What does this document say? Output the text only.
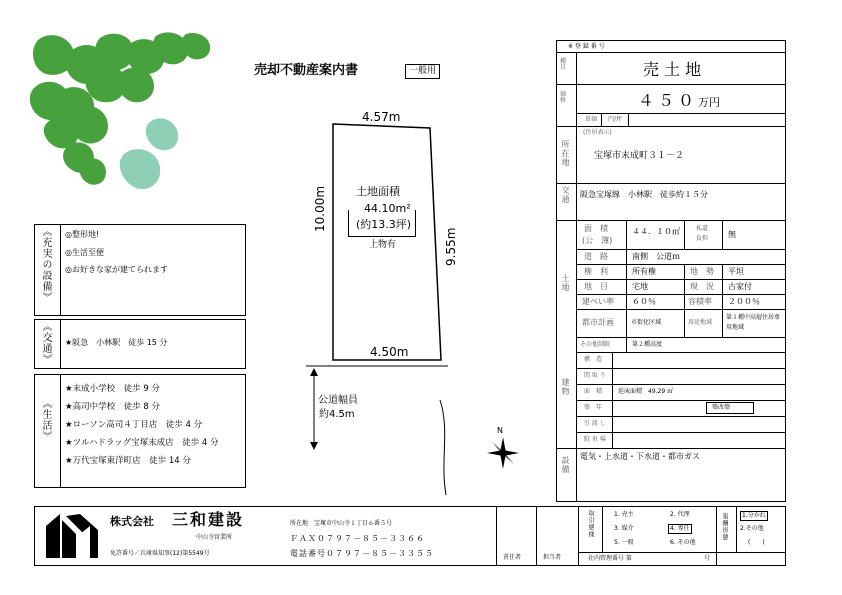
売却不動産案内書	一般用
4.57m
4.50m
10.00m
9.55m
土地面積
44.10m²
(約13.3坪)
上物有
公道幅員
約4.5m
N
《充実の設備》 ◎整形地!
◎生活至便
◎お好きな家が建てられます
《交通》 ★阪急　小林駅　徒歩 15 分
《生活》
★末成小学校　徒歩 9 分
★高司中学校　徒歩 8 分
★ローソン高司４丁目店　徒歩 4 分
★ツルハドラッグ宝塚末成店　徒歩 4 分
★万代宝塚東洋町店　徒歩 14 分
※ 登 録 番 号
種目	売 土 地
価格	４５０ 万円
単価 円/坪
所在地
(住居表示)
宝塚市末成町３１－２
交通 阪急宝塚線　小林駅　徒歩約１５分
土地
面　積
(公　簿)
４４．１０㎡	私道負担	無
道　路	南側　公道ｍ
権　利	所有権	地　勢 平坦
地　目	宅地	現　況 古家付
建ぺい率 ６０％	容積率 ２００％
都市計画	市街化区域	用途地域
第１種中高層住居専用地域
その他制限	第２種高度
建物
構　造
間 取 り
面　積	延床面積　49.29 ㎡
築　年	築改築
引 渡 し
駐 車 場
設備 電気・上水道・下水道・都市ガス
株式会社 三和建設
中山寺営業所
免許番号／兵庫県知事(12)第5549号
所在地　宝塚市中山寺１丁目６番５号
ＦＡＸ０７９７－８５－３３６６
電話番号０７９７－８５－３３５５	責任者	担当者
取引態様	1. 売主	2. 代理
3. 媒介	4. 専任
5. 一般	6. その他
報酬形態	1.分かれ
2.その他
(　　)
社内管理番号 第	号
